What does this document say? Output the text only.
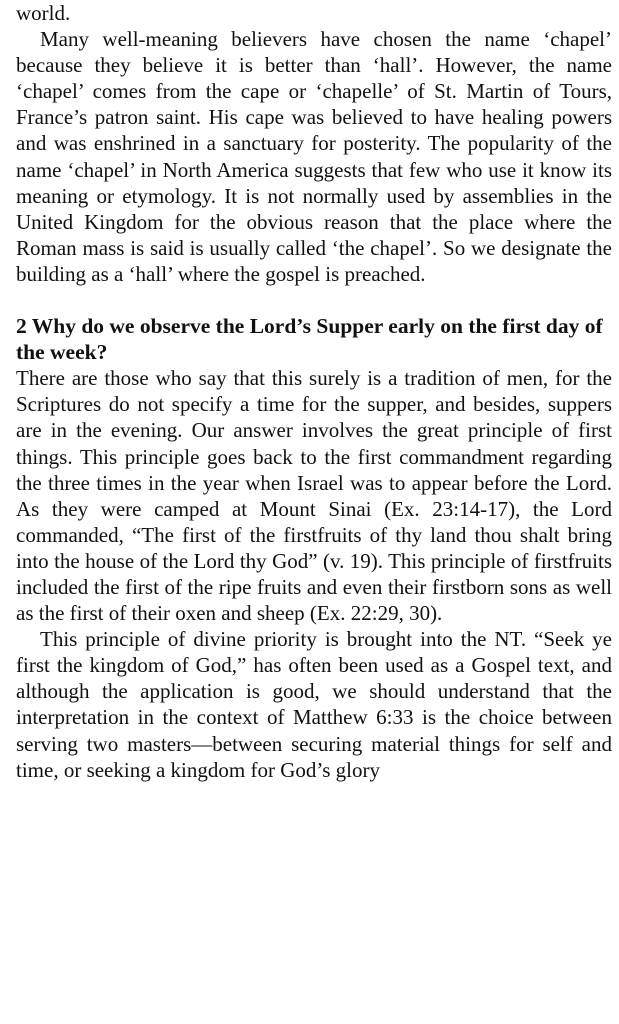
world.

Many well-meaning believers have chosen the name ‘chapel’ because they believe it is better than ‘hall’. However, the name ‘chapel’ comes from the cape or ‘chapelle’ of St. Martin of Tours, France’s patron saint. His cape was believed to have healing powers and was enshrined in a sanctuary for posterity. The popularity of the name ‘chapel’ in North America suggests that few who use it know its meaning or etymology. It is not normally used by assemblies in the United Kingdom for the obvious reason that the place where the Roman mass is said is usually called ‘the chapel’. So we designate the building as a ‘hall’ where the gospel is preached.

2 Why do we observe the Lord’s Supper early on the first day of the week?

There are those who say that this surely is a tradition of men, for the Scriptures do not specify a time for the supper, and besides, suppers are in the evening. Our answer involves the great principle of first things. This principle goes back to the first commandment regarding the three times in the year when Israel was to appear before the Lord. As they were camped at Mount Sinai (Ex. 23:14-17), the Lord commanded, “The first of the firstfruits of thy land thou shalt bring into the house of the Lord thy God” (v. 19). This principle of firstfruits included the first of the ripe fruits and even their firstborn sons as well as the first of their oxen and sheep (Ex. 22:29, 30).

This principle of divine priority is brought into the NT. “Seek ye first the kingdom of God,” has often been used as a Gospel text, and although the application is good, we should understand that the interpretation in the context of Matthew 6:33 is the choice between serving two masters—between securing material things for self and time, or seeking a kingdom for God’s glory
